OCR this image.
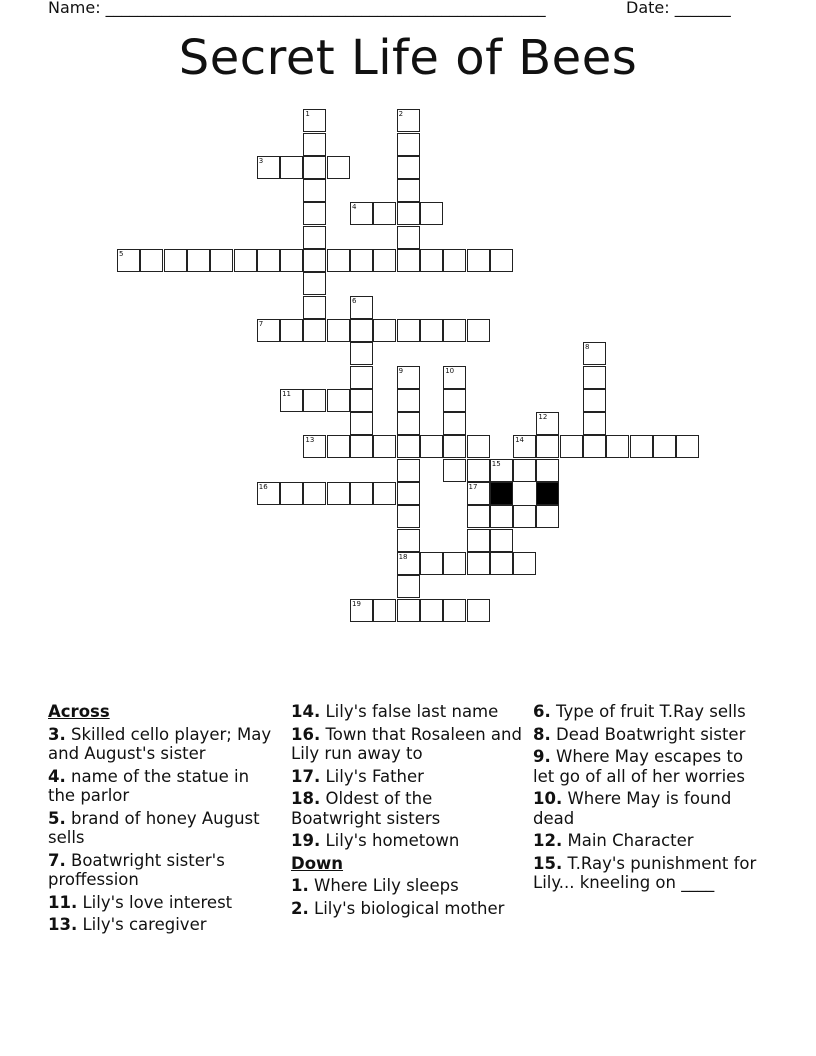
Name: _______________________________________________________	Date: _______
Secret Life of Bees
1	2
3
4
5
6
7
8
9
18
10
11
12
13	14
15
16	17
19
Across
3. Skilled cello player; May and August's sister
4. name of the statue in the parlor
5. brand of honey August sells
7. Boatwright sister's proffession
11. Lily's love interest
13. Lily's caregiver
14. Lily's false last name
16. Town that Rosaleen and Lily run away to
17. Lily's Father
18. Oldest of the Boatwright sisters
19. Lily's hometown
Down
1. Where Lily sleeps
2. Lily's biological mother
6. Type of fruit T.Ray sells
8. Dead Boatwright sister
9. Where May escapes to let go of all of her worries
10. Where May is found dead
12. Main Character
15. T.Ray's punishment for Lily... kneeling on ____
